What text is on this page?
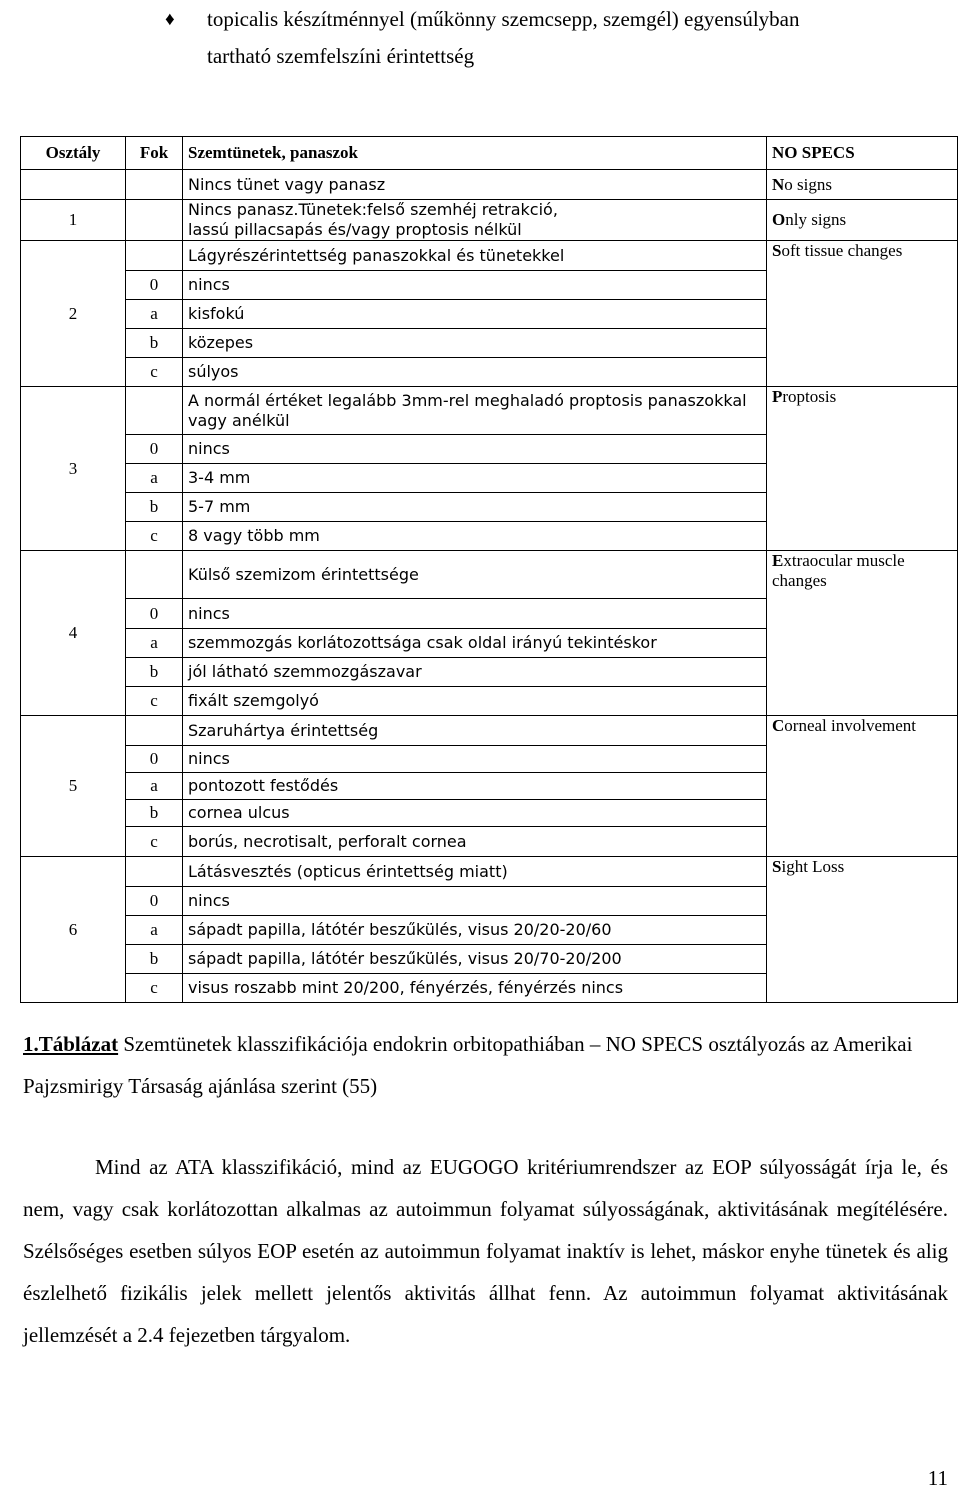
♦ topicalis készítménnyel (műkönny szemcsepp, szemgél) egyensúlyban
tartható szemfelszíni érintettség
Osztály	Fok	Szemtünetek, panaszok	NO SPECS
		Nincs tünet vagy panasz	No signs
1		Nincs panasz.Tünetek:felső szemhéj retrakció,
lassú pillacsapás és/vagy proptosis nélkül	Only signs
2		Lágyrészérintettség panaszokkal és tünetekkel	Soft tissue changes
	0	nincs	
	a	kisfokú	
	b	közepes	
	c	súlyos	
3		A normál értéket legalább 3mm-rel meghaladó proptosis panaszokkal
vagy anélkül	Proptosis
	0	nincs	
	a	3-4 mm	
	b	5-7 mm	
	c	8 vagy több mm	
4		Külső szemizom érintettsége	Extraocular muscle
changes
	0	nincs	
	a	szemmozgás korlátozottsága csak oldal irányú tekintéskor	
	b	jól látható szemmozgászavar	
	c	fixált szemgolyó	
5		Szaruhártya érintettség	Corneal involvement
	0	nincs	
	a	pontozott festődés	
	b	cornea ulcus	
	c	borús, necrotisalt, perforalt cornea	
6		Látásvesztés (opticus érintettség miatt)	Sight Loss
	0	nincs	
	a	sápadt papilla, látótér beszűkülés, visus 20/20-20/60	
	b	sápadt papilla, látótér beszűkülés, visus 20/70-20/200	
	c	visus roszabb mint 20/200, fényérzés, fényérzés nincs	
1.Táblázat Szemtünetek klasszifikációja endokrin orbitopathiában – NO SPECS osztályozás az Amerikai Pajzsmirigy Társaság ajánlása szerint (55)
Mind az ATA klasszifikáció, mind az EUGOGO kritériumrendszer az EOP súlyosságát írja le, és nem, vagy csak korlátozottan alkalmas az autoimmun folyamat súlyosságának, aktivitásának megítélésére. Szélsőséges esetben súlyos EOP esetén az autoimmun folyamat inaktív is lehet, máskor enyhe tünetek és alig észlelhető fizikális jelek mellett jelentős aktivitás állhat fenn. Az autoimmun folyamat aktivitásának jellemzését a 2.4 fejezetben tárgyalom.
11
